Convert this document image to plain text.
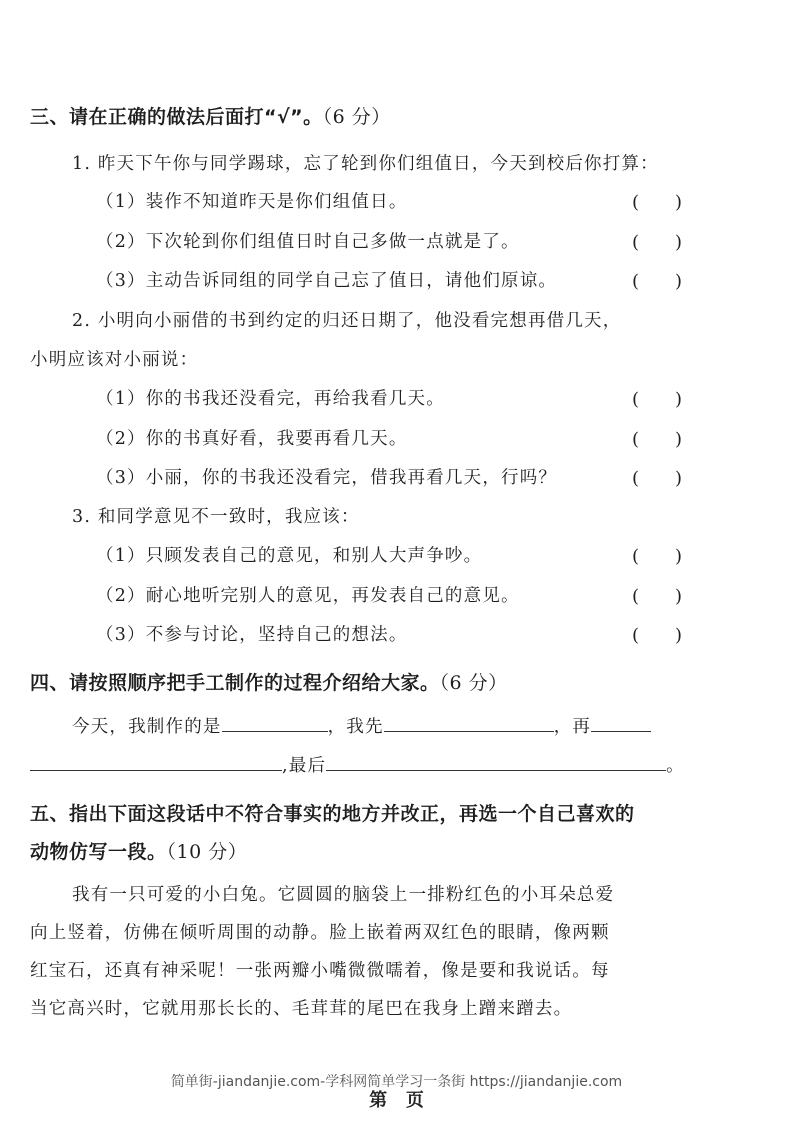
三、请在正确的做法后面打“√”。（6 分）
1. 昨天下午你与同学踢球，忘了轮到你们组值日，今天到校后你打算：
（1）装作不知道昨天是你们组值日。	(　　)
（2）下次轮到你们组值日时自己多做一点就是了。	(　　)
（3）主动告诉同组的同学自己忘了值日，请他们原谅。	(　　)
2. 小明向小丽借的书到约定的归还日期了，他没看完想再借几天，
小明应该对小丽说：
（1）你的书我还没看完，再给我看几天。	(　　)
（2）你的书真好看，我要再看几天。	(　　)
（3）小丽，你的书我还没看完，借我再看几天，行吗？	(　　)
3. 和同学意见不一致时，我应该：
（1）只顾发表自己的意见，和别人大声争吵。	(　　)
（2）耐心地听完别人的意见，再发表自己的意见。	(　　)
（3）不参与讨论，坚持自己的想法。	(　　)
四、请按照顺序把手工制作的过程介绍给大家。（6 分）
今天，我制作的是	，我先	，再
,最后	。
五、指出下面这段话中不符合事实的地方并改正，再选一个自己喜欢的
动物仿写一段。（10 分）
我有一只可爱的小白兔。它圆圆的脑袋上一排粉红色的小耳朵总爱
向上竖着，仿佛在倾听周围的动静。脸上嵌着两双红色的眼睛，像两颗
红宝石，还真有神采呢！一张两瓣小嘴微微嚅着，像是要和我说话。每
当它高兴时，它就用那长长的、毛茸茸的尾巴在我身上蹭来蹭去。
简单街-jiandanjie.com-学科网简单学习一条街 https://jiandanjie.com
第   页
